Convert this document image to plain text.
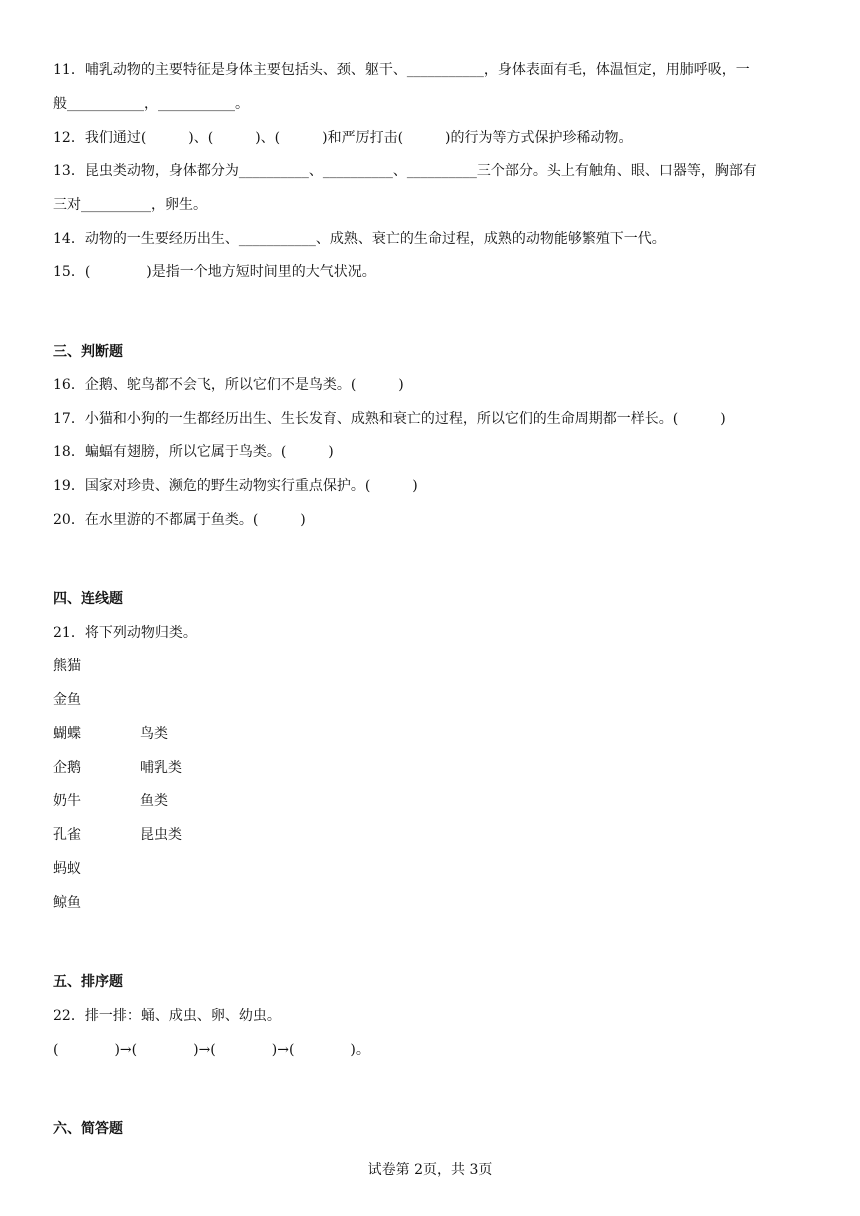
11．哺乳动物的主要特征是身体主要包括头、颈、躯干、___________，身体表面有毛，体温恒定，用肺呼吸，一
般___________，___________。
12．我们通过(　　　)、(　　　)、(　　　)和严厉打击(　　　)的行为等方式保护珍稀动物。
13．昆虫类动物，身体都分为__________、__________、__________三个部分。头上有触角、眼、口器等，胸部有
三对__________，卵生。
14．动物的一生要经历出生、___________、成熟、衰亡的生命过程，成熟的动物能够繁殖下一代。
15．(　　　　)是指一个地方短时间里的大气状况。
三、判断题
16．企鹅、鸵鸟都不会飞，所以它们不是鸟类。(　　　)
17．小猫和小狗的一生都经历出生、生长发育、成熟和衰亡的过程，所以它们的生命周期都一样长。(　　　)
18．蝙蝠有翅膀，所以它属于鸟类。(　　　)
19．国家对珍贵、濒危的野生动物实行重点保护。(　　　)
20．在水里游的不都属于鱼类。(　　　)
四、连线题
21．将下列动物归类。
熊猫
金鱼
蝴蝶
企鹅
奶牛
孔雀
蚂蚁
鲸鱼
鸟类
哺乳类
鱼类
昆虫类
五、排序题
22．排一排：蛹、成虫、卵、幼虫。
(　　　　)→(　　　　)→(　　　　)→(　　　　)。
六、简答题
试卷第 2页，共 3页
